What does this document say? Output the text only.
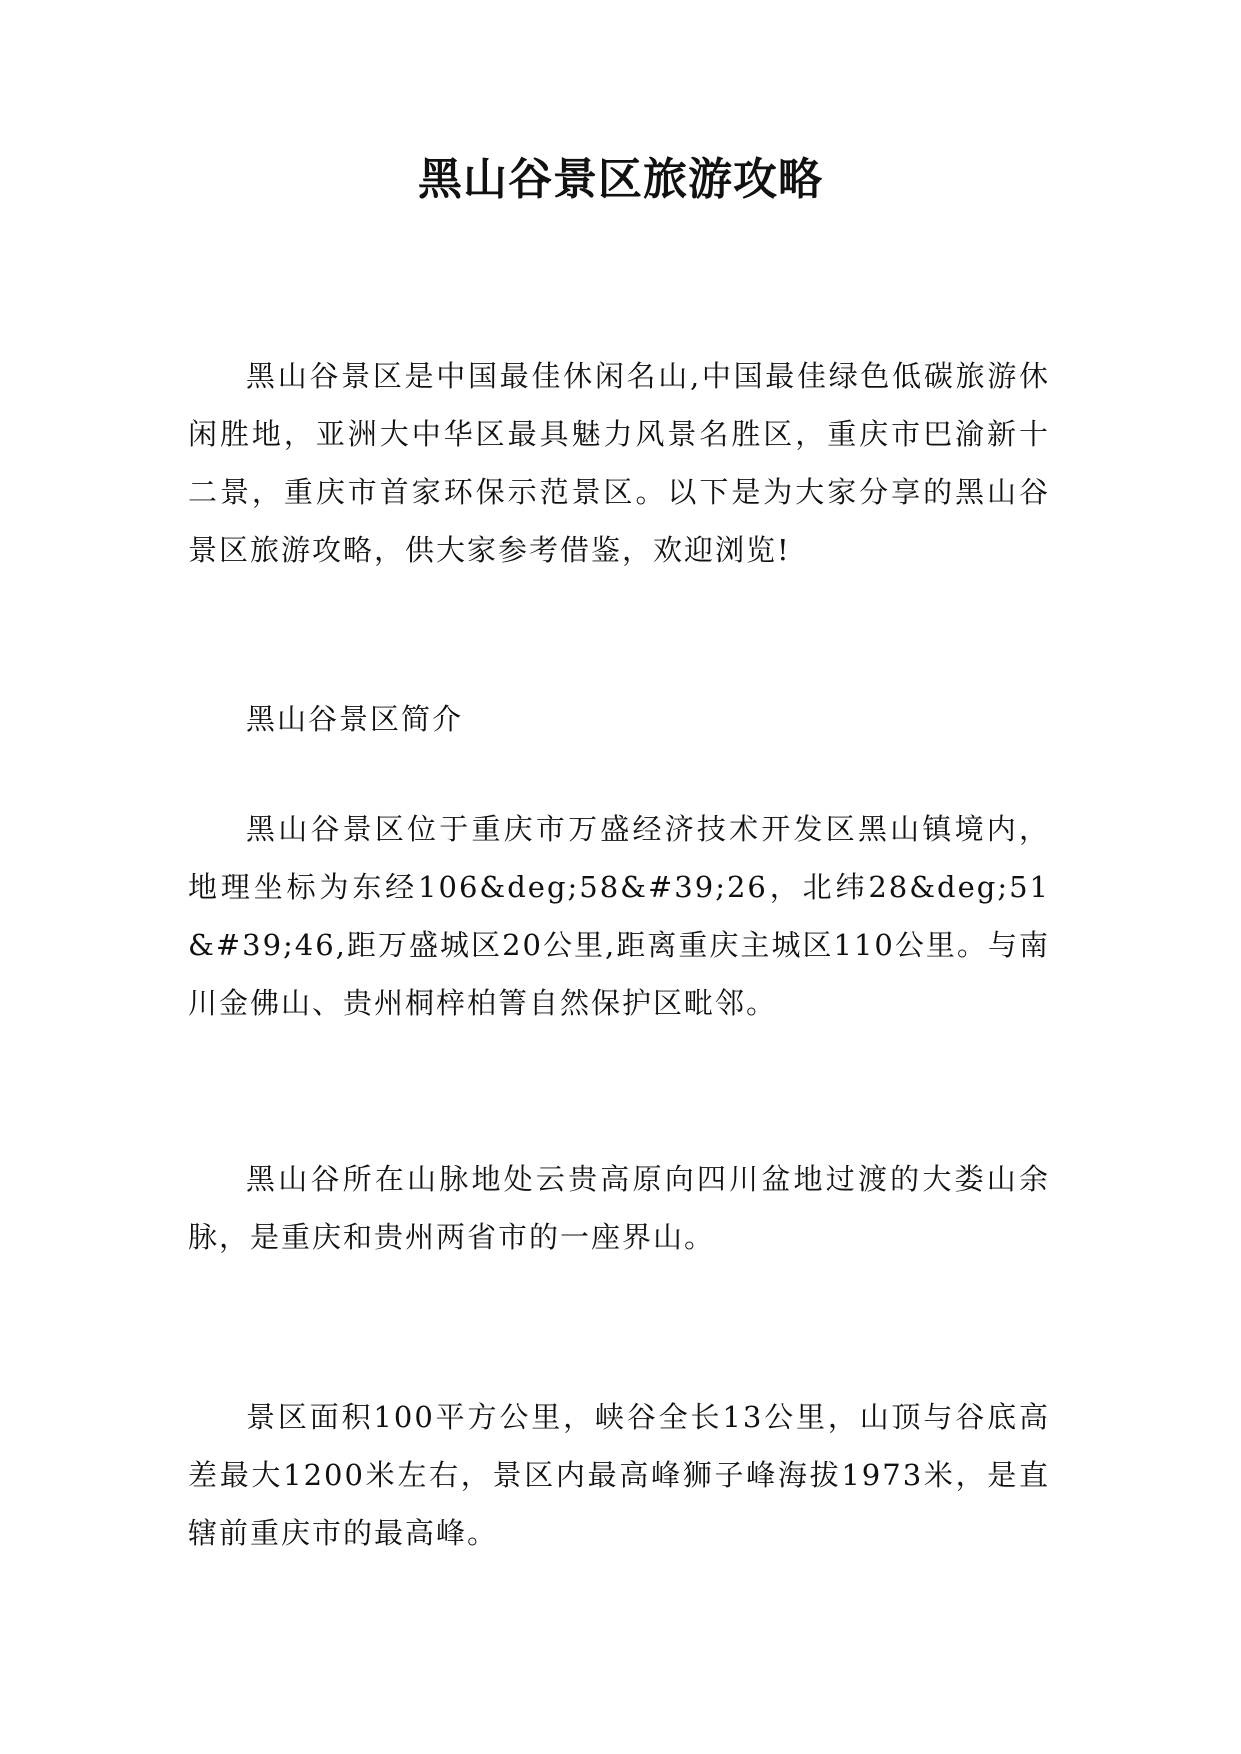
黑山谷景区旅游攻略

黑山谷景区是中国最佳休闲名山,中国最佳绿色低碳旅游休闲胜地，亚洲大中华区最具魅力风景名胜区，重庆市巴渝新十二景，重庆市首家环保示范景区。以下是为大家分享的黑山谷景区旅游攻略，供大家参考借鉴，欢迎浏览!

黑山谷景区简介

黑山谷景区位于重庆市万盛经济技术开发区黑山镇境内，地理坐标为东经106&deg;58&#39;26，北纬28&deg;51&#39;46,距万盛城区20公里,距离重庆主城区110公里。与南川金佛山、贵州桐梓柏箐自然保护区毗邻。

黑山谷所在山脉地处云贵高原向四川盆地过渡的大娄山余脉，是重庆和贵州两省市的一座界山。

景区面积100平方公里，峡谷全长13公里，山顶与谷底高差最大1200米左右，景区内最高峰狮子峰海拔1973米，是直辖前重庆市的最高峰。
